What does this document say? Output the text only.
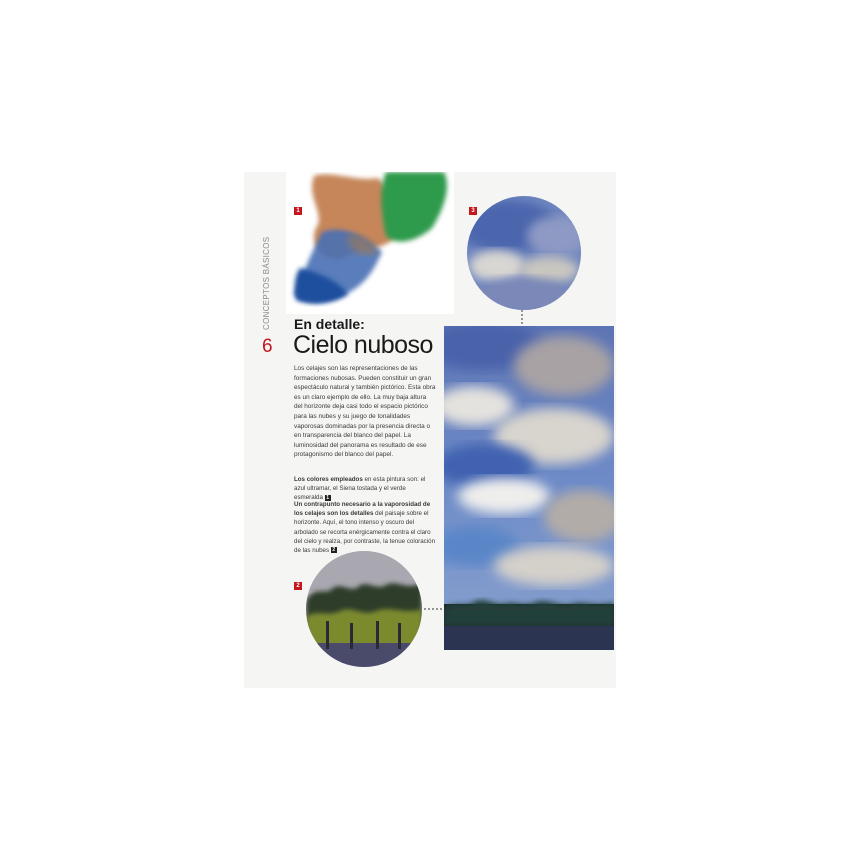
1	3
CONCEPTOS BÁSICOS
6
En detalle:
Cielo nuboso
Los celajes son las representaciones de las formaciones nubosas. Pueden constituir un gran espectáculo natural y también pictórico. Esta obra es un claro ejemplo de ello. La muy baja altura del horizonte deja casi todo el espacio pictórico para las nubes y su juego de tonalidades vaporosas dominadas por la presencia directa o en transparencia del blanco del papel. La luminosidad del panorama es resultado de ese protagonismo del blanco del papel.
Los colores empleados en esta pintura son: el azul ultramar, el Siena tostada y el verde esmeralda 1
Un contrapunto necesario a la vaporosidad de los celajes son los detalles del paisaje sobre el horizonte. Aquí, el tono intenso y oscuro del arbolado se recorta enérgicamente contra el claro del cielo y realza, por contraste, la tenue coloración de las nubes 2
2
